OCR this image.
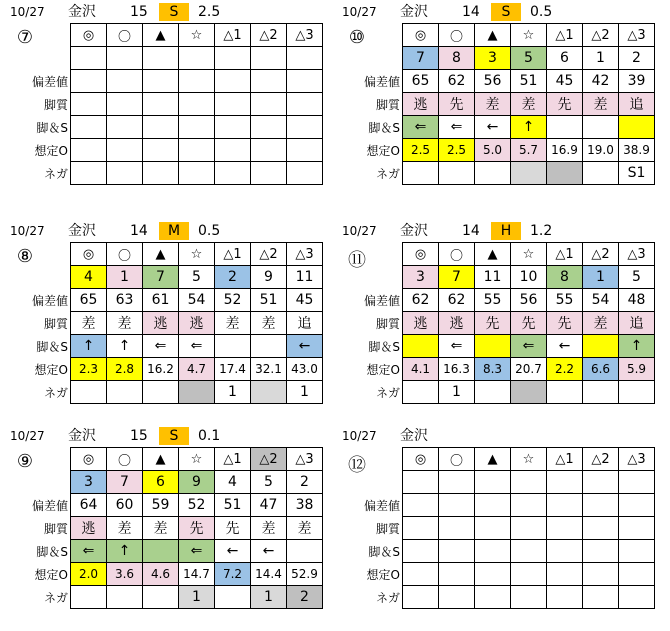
10/27 金沢 15	S	2.5
	◎	〇	▲	☆	△1	△2	△3

偏差値							
脚質							
脚＆S							
想定O							
ネガ							
⑦
10/27 金沢 14	S	0.5
	◎	〇	▲	☆	△1	△2	△3
	7	8	3	5	6	1	2
偏差値	65	62	56	51	45	42	39
脚質	逃	先	差	差	先	差	追
脚＆S	⇐	⇐	←	↑			
想定O	2.5	2.5	5.0	5.7	16.9	19.0	38.9
ネガ							S1
⑩
10/27 金沢 14	M	0.5
	◎	〇	▲	☆	△1	△2	△3
	4	1	7	5	2	9	11
偏差値	65	63	61	54	52	51	45
脚質	差	差	逃	逃	差	差	追
脚＆S	↑	↑	⇐	⇐			←
想定O	2.3	2.8	16.2	4.7	17.4	32.1	43.0
ネガ					1		1
⑧
10/27 金沢 14	H	1.2
	◎	〇	▲	☆	△1	△2	△3
	3	7	11	10	8	1	5
偏差値	62	62	55	56	55	54	48
脚質	逃	逃	先	先	先	差	追
脚＆S		⇐		⇐	←		↑
想定O	4.1	16.3	8.3	20.7	2.2	6.6	5.9
ネガ		1					
⑪
10/27 金沢 15	S	0.1
	◎	〇	▲	☆	△1	△2	△3
	3	7	6	9	4	5	2
偏差値	64	60	59	52	51	47	38
脚質	逃	差	差	先	先	差	差
脚＆S	⇐	↑		⇐	←	←	
想定O	2.0	3.6	4.6	14.7	7.2	14.4	52.9
ネガ				1		1	2
⑨
10/27 金沢
	◎	〇	▲	☆	△1	△2	△3

偏差値							
脚質							
脚＆S							
想定O							
ネガ							
⑫
